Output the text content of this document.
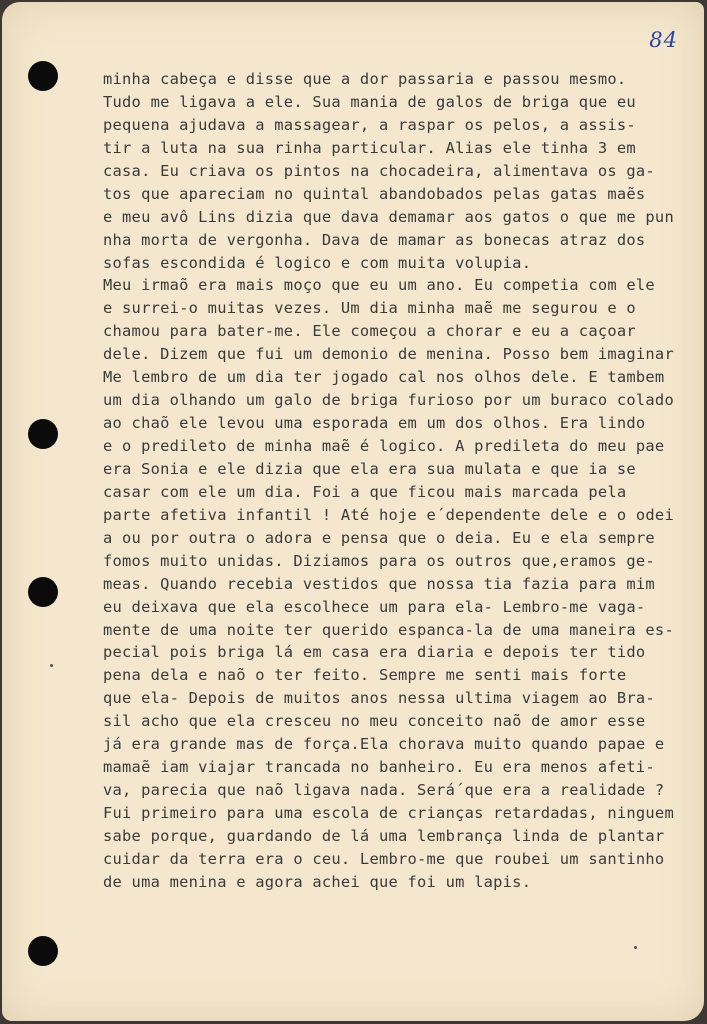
84
minha cabeça e disse que a dor passaria e passou mesmo.
Tudo me ligava a ele. Sua mania de galos de briga que eu
pequena ajudava a massagear, a raspar os pelos, a assis-
tir a luta na sua rinha particular. Alias ele tinha 3 em
casa. Eu criava os pintos na chocadeira, alimentava os ga-
tos que apareciam no quintal abandobados pelas gatas maẽs
e meu avô Lins dizia que dava demamar aos gatos o que me pun
nha morta de vergonha. Dava de mamar as bonecas atraz dos
sofas escondida é logico e com muita volupia.
Meu irmaõ era mais moço que eu um ano. Eu competia com ele
e surrei-o muitas vezes. Um dia minha maẽ me segurou e o
chamou para bater-me. Ele começou a chorar e eu a caçoar
dele. Dizem que fui um demonio de menina. Posso bem imaginar
Me lembro de um dia ter jogado cal nos olhos dele. E tambem
um dia olhando um galo de briga furioso por um buraco colado
ao chaõ ele levou uma esporada em um dos olhos. Era lindo
e o predileto de minha maẽ é logico. A predileta do meu pae
era Sonia e ele dizia que ela era sua mulata e que ia se
casar com ele um dia. Foi a que ficou mais marcada pela
parte afetiva infantil ! Até hoje e´dependente dele e o odei
a ou por outra o adora e pensa que o deia. Eu e ela sempre
fomos muito unidas. Diziamos para os outros que,eramos ge-
meas. Quando recebia vestidos que nossa tia fazia para mim
eu deixava que ela escolhece um para ela- Lembro-me vaga-
mente de uma noite ter querido espanca-la de uma maneira es-
pecial pois briga lá em casa era diaria e depois ter tido
pena dela e naõ o ter feito. Sempre me senti mais forte
que ela- Depois de muitos anos nessa ultima viagem ao Bra-
sil acho que ela cresceu no meu conceito naõ de amor esse
já era grande mas de força.Ela chorava muito quando papae e
mamaẽ iam viajar trancada no banheiro. Eu era menos afeti-
va, parecia que naõ ligava nada. Será´que era a realidade ?
Fui primeiro para uma escola de crianças retardadas, ninguem
sabe porque, guardando de lá uma lembrança linda de plantar
cuidar da terra era o ceu. Lembro-me que roubei um santinho
de uma menina e agora achei que foi um lapis.
